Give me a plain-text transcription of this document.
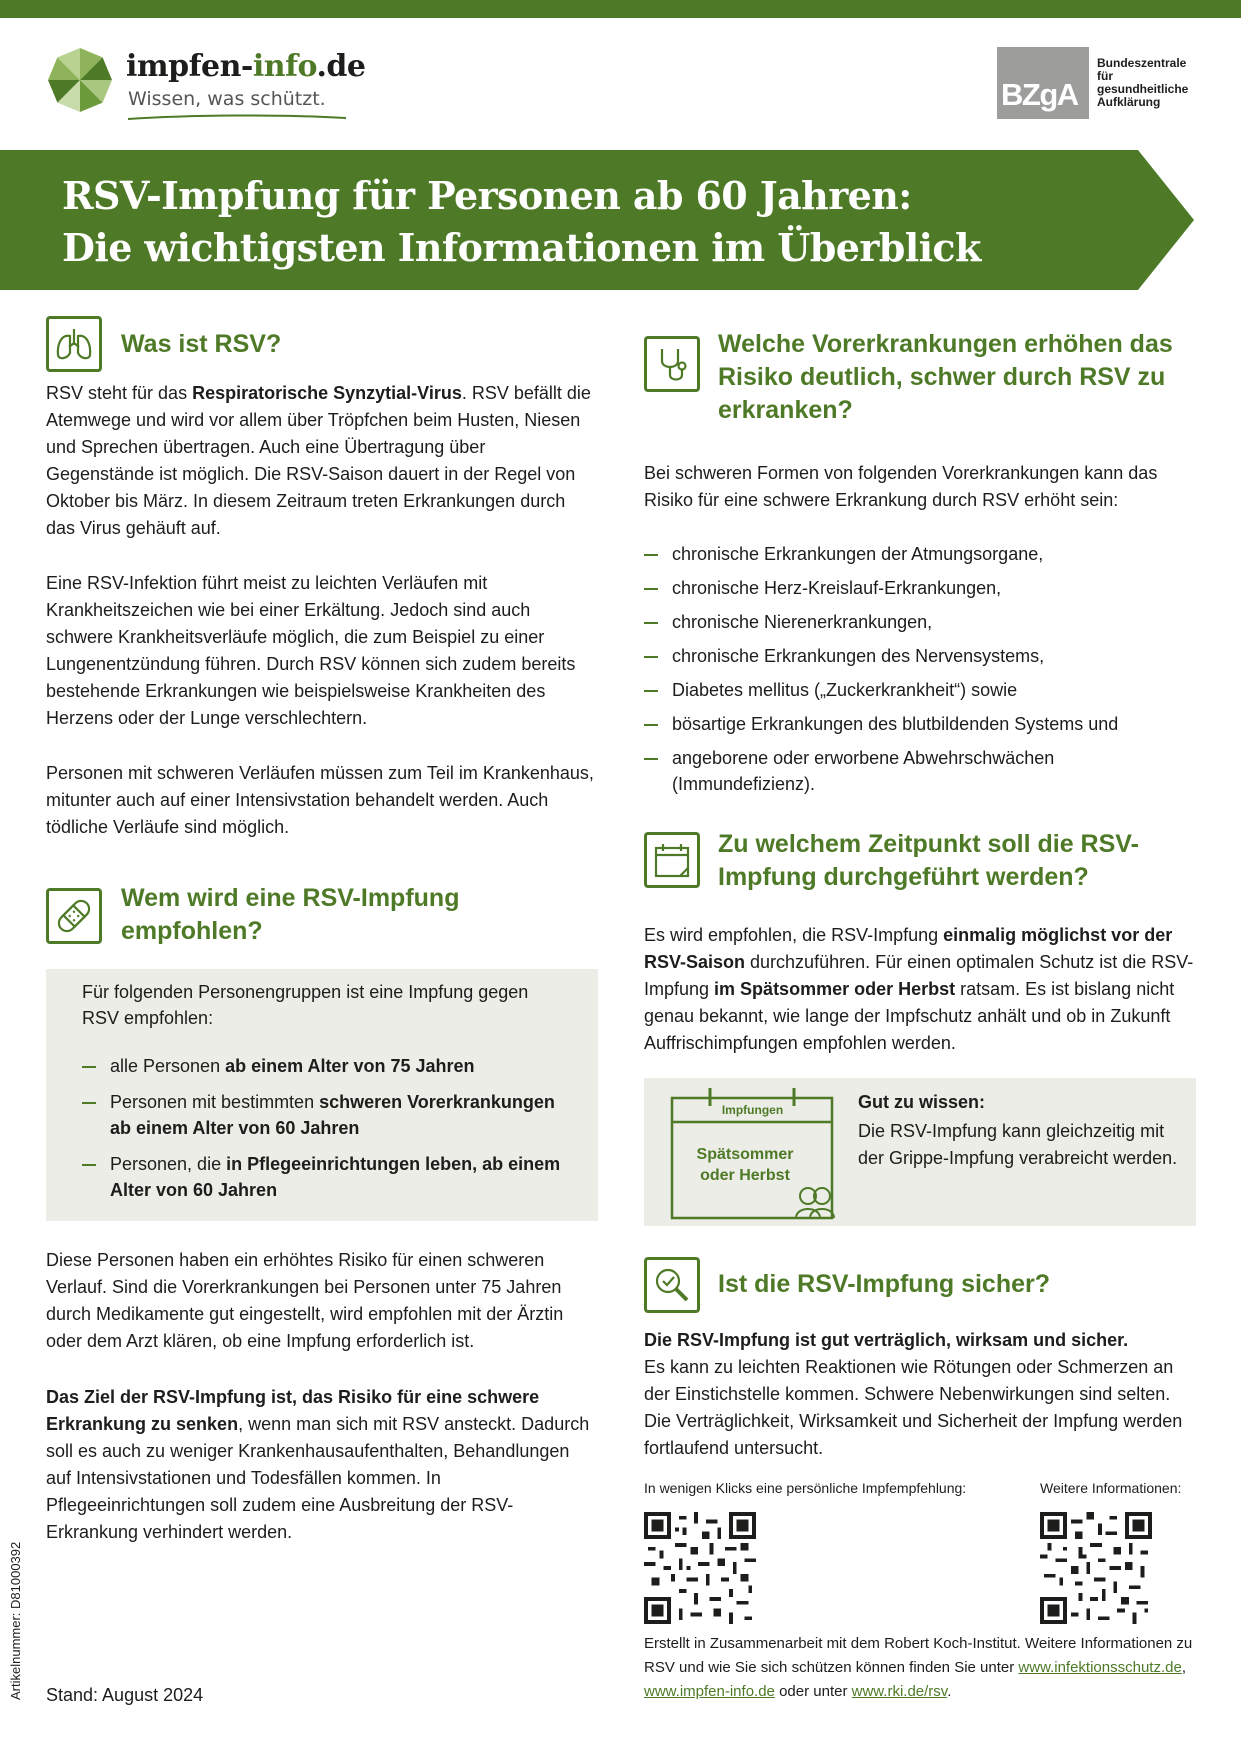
impfen-info.de
Wissen, was schützt.	BZgA
Bundeszentrale
für
gesundheitliche
Aufklärung
RSV-Impfung für Personen ab 60 Jahren:
Die wichtigsten Informationen im Überblick
Was ist RSV?

RSV steht für das Respiratorische Synzytial-Virus. RSV befällt die Atemwege und wird vor allem über Tröpfchen beim Husten, Niesen und Sprechen übertragen. Auch eine Übertragung über Gegenstände ist möglich. Die RSV-Saison dauert in der Regel von Oktober bis März. In diesem Zeitraum treten Erkrankungen durch das Virus gehäuft auf.

Eine RSV-Infektion führt meist zu leichten Verläufen mit Krankheitszeichen wie bei einer Erkältung. Jedoch sind auch schwere Krankheitsverläufe möglich, die zum Beispiel zu einer Lungenentzündung führen. Durch RSV können sich zudem bereits bestehende Erkrankungen wie beispielsweise Krankheiten des Herzens oder der Lunge verschlechtern.

Personen mit schweren Verläufen müssen zum Teil im Krankenhaus, mitunter auch auf einer Intensivstation behandelt werden. Auch tödliche Verläufe sind möglich.

Wem wird eine RSV-Impfung
empfohlen?

Für folgenden Personengruppen ist eine Impfung gegen RSV empfohlen:

alle Personen ab einem Alter von 75 Jahren
Personen mit bestimmten schweren Vorerkrankungen ab einem Alter von 60 Jahren
Personen, die in Pflegeeinrichtungen leben, ab einem Alter von 60 Jahren

Diese Personen haben ein erhöhtes Risiko für einen schweren Verlauf. Sind die Vorerkrankungen bei Personen unter 75 Jahren durch Medikamente gut eingestellt, wird empfohlen mit der Ärztin oder dem Arzt klären, ob eine Impfung erforderlich ist.

Das Ziel der RSV-Impfung ist, das Risiko für eine schwere Erkrankung zu senken, wenn man sich mit RSV ansteckt. Dadurch soll es auch zu weniger Krankenhausaufenthalten, Behandlungen auf Intensivstationen und Todesfällen kommen. In Pflegeeinrichtungen soll zudem eine Ausbreitung der RSV-Erkrankung verhindert werden.

Stand: August 2024
Artikelnummer: D81000392
Welche Vorerkrankungen erhöhen das
Risiko deutlich, schwer durch RSV zu
erkranken?

Bei schweren Formen von folgenden Vorerkrankungen kann das Risiko für eine schwere Erkrankung durch RSV erhöht sein:

chronische Erkrankungen der Atmungsorgane,
chronische Herz-Kreislauf-Erkrankungen,
chronische Nierenerkrankungen,
chronische Erkrankungen des Nervensystems,
Diabetes mellitus („Zuckerkrankheit“) sowie
bösartige Erkrankungen des blutbildenden Systems und
angeborene oder erworbene Abwehrschwächen (Immundefizienz).
Zu welchem Zeitpunkt soll die RSV-
Impfung durchgeführt werden?

Es wird empfohlen, die RSV-Impfung einmalig möglichst vor der RSV-Saison durchzuführen. Für einen optimalen Schutz ist die RSV-Impfung im Spätsommer oder Herbst ratsam. Es ist bislang nicht genau bekannt, wie lange der Impfschutz anhält und ob in Zukunft Auffrischimpfungen empfohlen werden.

Impfungen
Spätsommer
oder Herbst
Gut zu wissen:

Die RSV-Impfung kann gleichzeitig mit der Grippe-Impfung verabreicht werden.

Ist die RSV-Impfung sicher?

Die RSV-Impfung ist gut verträglich, wirksam und sicher.
Es kann zu leichten Reaktionen wie Rötungen oder Schmerzen an der Einstichstelle kommen. Schwere Nebenwirkungen sind selten. Die Verträglichkeit, Wirksamkeit und Sicherheit der Impfung werden fortlaufend untersucht.

In wenigen Klicks eine persönliche Impfempfehlung:	Weitere Informationen:

Erstellt in Zusammenarbeit mit dem Robert Koch-Institut. Weitere Informationen zu RSV und wie Sie sich schützen können finden Sie unter www.infektionsschutz.de, www.impfen-info.de oder unter www.rki.de/rsv.
